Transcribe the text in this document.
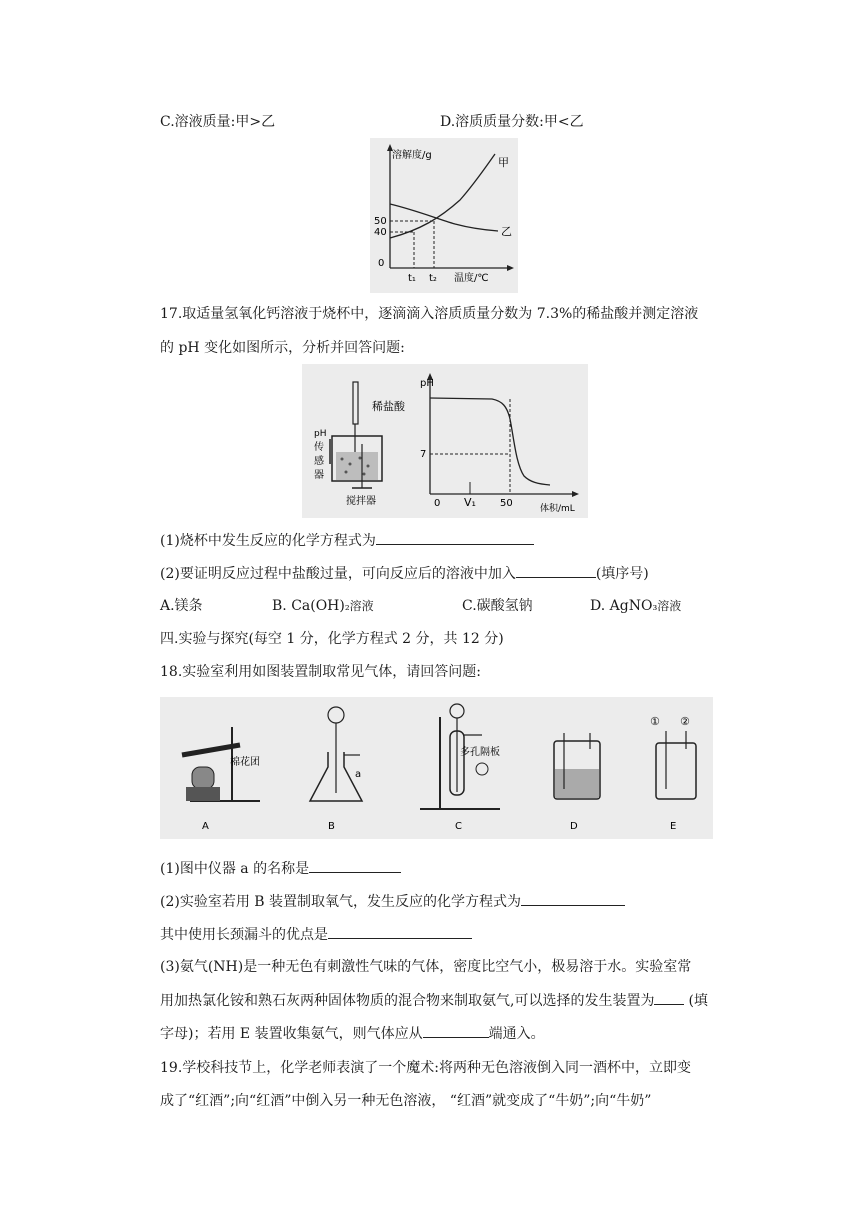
C.溶液质量:甲>乙	D.溶质质量分数:甲<乙
溶解度/g
50
40
0
t₁ t₂ 温度/℃
甲
乙
17.取适量氢氧化钙溶液于烧杯中，逐滴滴入溶质质量分数为 7.3%的稀盐酸并测定溶液
的 pH 变化如图所示，分析并回答问题:
稀盐酸
pH
传
感
器
搅拌器
pH
7
0 V₁ 50	体积/mL
(1)烧杯中发生反应的化学方程式为
(2)要证明反应过程中盐酸过量，可向反应后的溶液中加入	(填序号)
A.镁条	B. Ca(OH)₂溶液	C.碳酸氢钠	D. AgNO₃溶液
四.实验与探究(每空 1 分，化学方程式 2 分，共 12 分)
18.实验室利用如图装置制取常见气体，请回答问题:
棉花团
A
a
B
多孔隔板
C	D
① ②
E
(1)图中仪器 a 的名称是
(2)实验室若用 B 装置制取氧气，发生反应的化学方程式为
其中使用长颈漏斗的优点是
(3)氨气(NH)是一种无色有刺激性气味的气体，密度比空气小，极易溶于水。实验室常
用加热氯化铵和熟石灰两种固体物质的混合物来制取氨气,可以选择的发生装置为 (填
字母)；若用 E 装置收集氨气，则气体应从	端通入。
19.学校科技节上，化学老师表演了一个魔术:将两种无色溶液倒入同一酒杯中，立即变
成了“红酒”;向“红酒”中倒入另一种无色溶液， “红酒”就变成了“牛奶”;向“牛奶”
